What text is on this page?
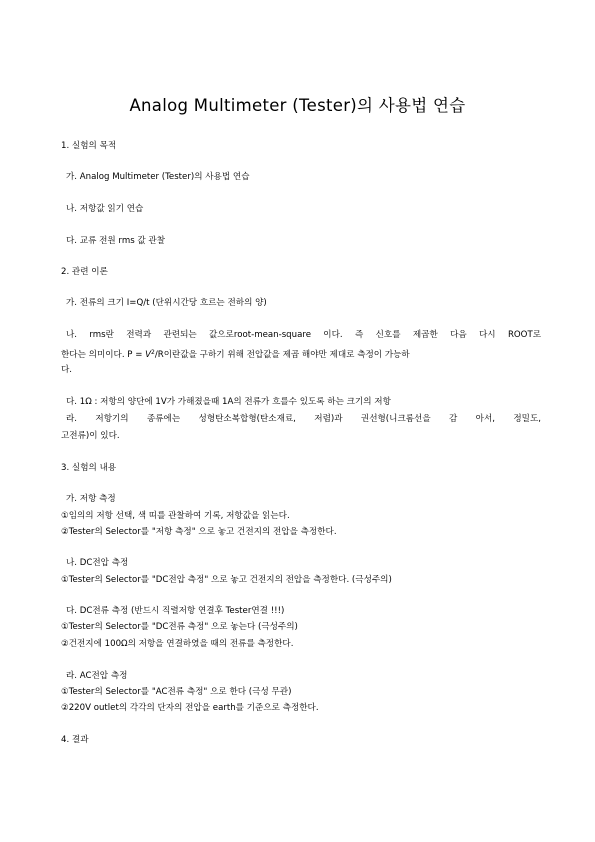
Analog Multimeter (Tester)의 사용법 연습
1. 실험의 목적
가. Analog Multimeter (Tester)의 사용법 연습
나. 저항값 읽기 연습
다. 교류 전원 rms 값 관찰
2. 관련 이론
가. 전류의 크기 I=Q/t (단위시간당 흐르는 전하의 양)
나. rms란 전력과 관련되는 값으로root-mean-square 이다. 즉 신호를 제곱한 다음 다시 ROOT로
한다는 의미이다. $P = V^2/R$이란값을 구하기 위해 전압값을 제곱 해야만 제대로 측정이 가능하
다.
다. 1Ω : 저항의 양단에 1V가 가해졌을때 1A의 전류가 흐를수 있도록 하는 크기의 저항
라. 저항기의 종류에는 성형탄소복합형(탄소재료, 저렴)과 권선형(니크롬선을 감 아서, 정밀도,
고전류)이 있다.
3. 실험의 내용
가. 저항 측정
①임의의 저항 선택, 색 띠를 관찰하여 기록, 저항값을 읽는다.
②Tester의 Selector를 "저항 측정" 으로 놓고 건전지의 전압을 측정한다.
나. DC전압 측정
①Tester의 Selector를 "DC전압 측정" 으로 놓고 건전지의 전압을 측정한다. (극성주의)
다. DC전류 측정 (반드시 직렬저항 연결후 Tester연결 !!!)
①Tester의 Selector를 "DC전류 측정" 으로 놓는다 (극성주의)
②건전지에 100Ω의 저항을 연결하였을 때의 전류를 측정한다.
라. AC전압 측정
①Tester의 Selector를 "AC전류 측정" 으로 한다 (극성 무관)
②220V outlet의 각각의 단자의 전압을 earth를 기준으로 측정한다.
4. 결과
